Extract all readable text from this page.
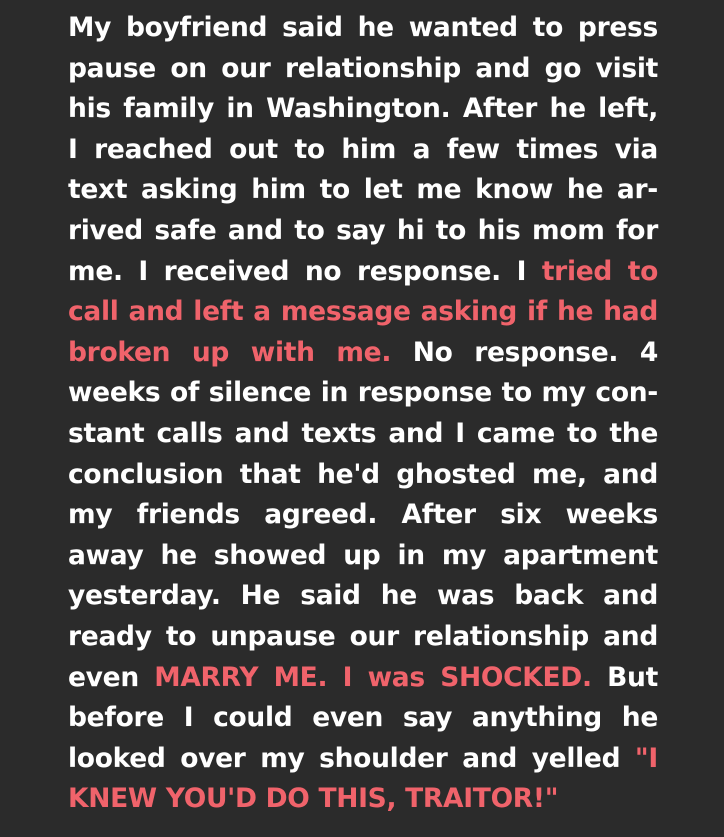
My boyfriend said he wanted to press
pause on our relationship and go visit
his family in Washington. After he left,
I reached out to him a few times via
text asking him to let me know he ar-
rived safe and to say hi to his mom for
me. I received no response. I tried to
call and left a message asking if he had
broken up with me. No response. 4
weeks of silence in response to my con-
stant calls and texts and I came to the
conclusion that he'd ghosted me, and
my friends agreed. After six weeks
away he showed up in my apartment
yesterday. He said he was back and
ready to unpause our relationship and
even MARRY ME. I was SHOCKED. But
before I could even say anything he
looked over my shoulder and yelled "I
KNEW YOU'D DO THIS, TRAITOR!"
